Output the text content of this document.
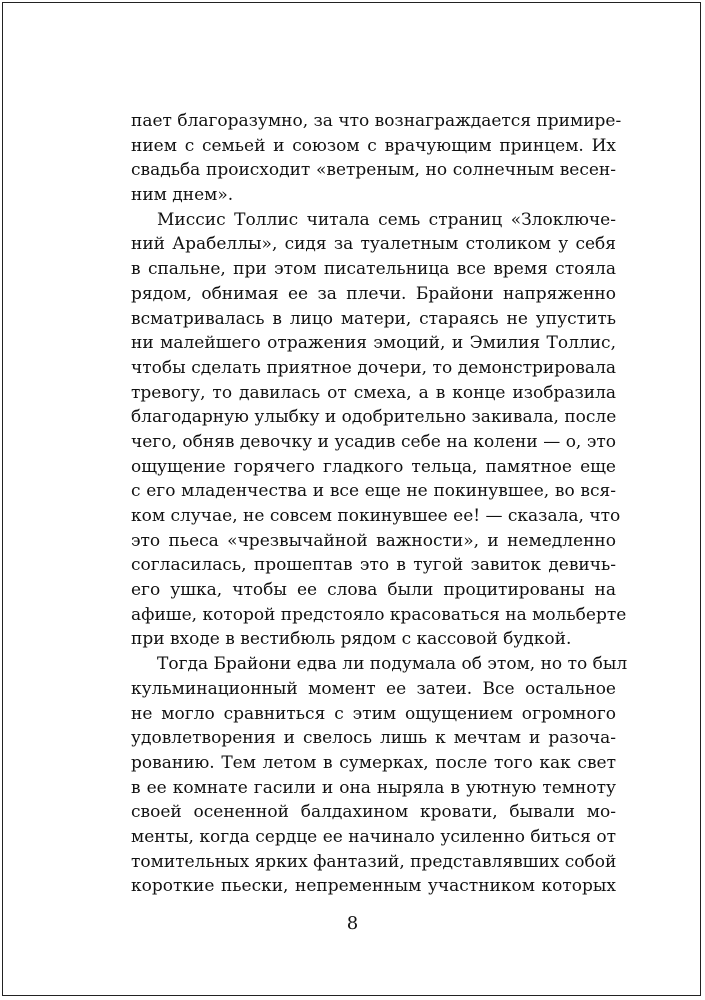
пает благоразумно, за что вознаграждается примире-
нием с семьей и союзом с врачующим принцем. Их
свадьба происходит «ветреным, но солнечным весен-
ним днем».
Миссис Толлис читала семь страниц «Злоключе-
ний Арабеллы», сидя за туалетным столиком у себя
в спальне, при этом писательница все время стояла
рядом, обнимая ее за плечи. Брайони напряженно
всматривалась в лицо матери, стараясь не упустить
ни малейшего отражения эмоций, и Эмилия Толлис,
чтобы сделать приятное дочери, то демонстрировала
тревогу, то давилась от смеха, а в конце изобразила
благодарную улыбку и одобрительно закивала, после
чего, обняв девочку и усадив себе на колени — о, это
ощущение горячего гладкого тельца, памятное еще
с его младенчества и все еще не покинувшее, во вся-
ком случае, не совсем покинувшее ее! — сказала, что
это пьеса «чрезвычайной важности», и немедленно
согласилась, прошептав это в тугой завиток девичь-
его ушка, чтобы ее слова были процитированы на
афише, которой предстояло красоваться на мольберте
при входе в вестибюль рядом с кассовой будкой.
Тогда Брайони едва ли подумала об этом, но то был
кульминационный момент ее затеи. Все остальное
не могло сравниться с этим ощущением огромного
удовлетворения и свелось лишь к мечтам и разоча-
рованию. Тем летом в сумерках, после того как свет
в ее комнате гасили и она ныряла в уютную темноту
своей осененной балдахином кровати, бывали мо-
менты, когда сердце ее начинало усиленно биться от
томительных ярких фантазий, представлявших собой
короткие пьески, непременным участником которых
8
